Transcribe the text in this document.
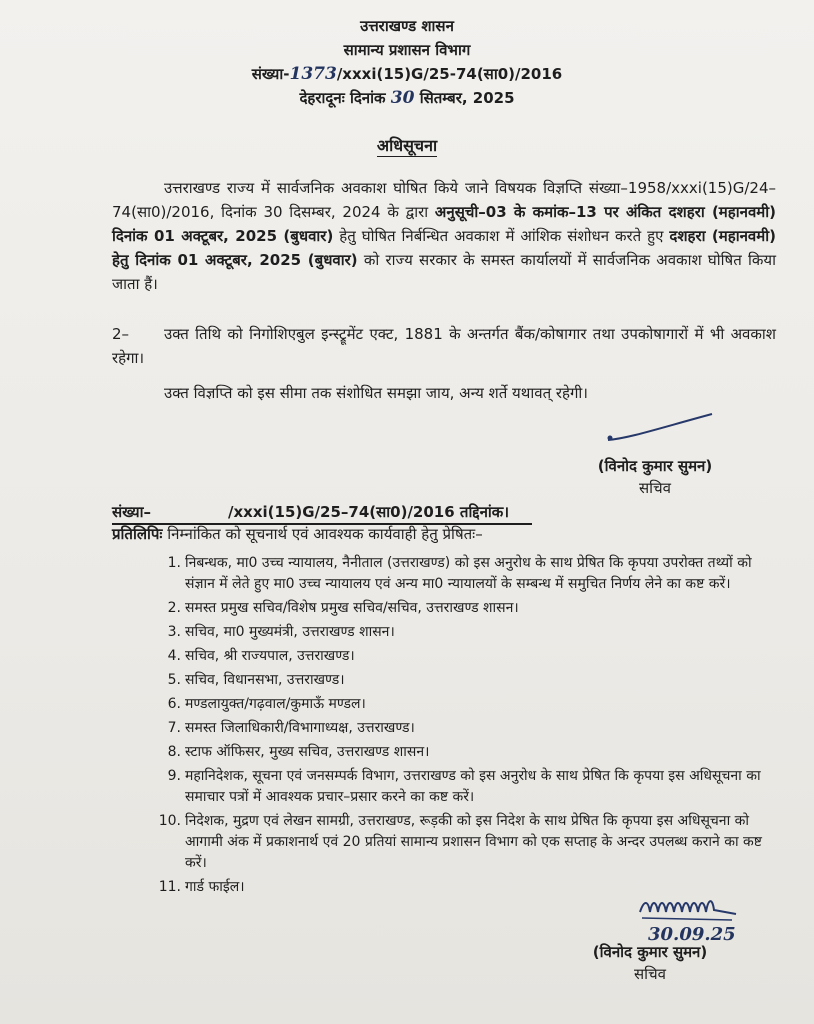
उत्तराखण्ड शासन
सामान्य प्रशासन विभाग
संख्या-1373/xxxi(15)G/25-74(सा0)/2016
देहरादूनः दिनांक 30 सितम्बर, 2025
अधिसूचना
उत्तराखण्ड राज्य में सार्वजनिक अवकाश घोषित किये जाने विषयक विज्ञप्ति संख्या–1958/xxxi(15)G/24–74(सा0)/2016, दिनांक 30 दिसम्बर, 2024 के द्वारा अनुसूची–03 के कमांक–13 पर अंकित दशहरा (महानवमी) दिनांक 01 अक्टूबर, 2025 (बुधवार) हेतु घोषित निर्बन्धित अवकाश में आंशिक संशोधन करते हुए दशहरा (महानवमी) हेतु दिनांक 01 अक्टूबर, 2025 (बुधवार) को राज्य सरकार के समस्त कार्यालयों में सार्वजनिक अवकाश घोषित किया जाता हैं।
2– उक्त तिथि को निगोशिएबुल इन्स्ट्रूमेंट एक्ट, 1881 के अन्तर्गत बैंक/कोषागार तथा उपकोषागारों में भी अवकाश रहेगा।
उक्त विज्ञप्ति को इस सीमा तक संशोधित समझा जाय, अन्य शर्ते यथावत् रहेगी।
(विनोद कुमार सुमन)
सचिव
संख्या–	/xxxi(15)G/25–74(सा0)/2016 तद्दिनांक।
प्रतिलिपिः निम्नांकित को सूचनार्थ एवं आवश्यक कार्यवाही हेतु प्रेषितः–
1. निबन्धक, मा0 उच्च न्यायालय, नैनीताल (उत्तराखण्ड) को इस अनुरोध के साथ प्रेषित कि कृपया उपरोक्त तथ्यों को संज्ञान में लेते हुए मा0 उच्च न्यायालय एवं अन्य मा0 न्यायालयों के सम्बन्ध में समुचित निर्णय लेने का कष्ट करें।
2. समस्त प्रमुख सचिव/विशेष प्रमुख सचिव/सचिव, उत्तराखण्ड शासन।
3. सचिव, मा0 मुख्यमंत्री, उत्तराखण्ड शासन।
4. सचिव, श्री राज्यपाल, उत्तराखण्ड।
5. सचिव, विधानसभा, उत्तराखण्ड।
6. मण्डलायुक्त/गढ़वाल/कुमाऊँ मण्डल।
7. समस्त जिलाधिकारी/विभागाध्यक्ष, उत्तराखण्ड।
8. स्टाफ ऑफिसर, मुख्य सचिव, उत्तराखण्ड शासन।
9. महानिदेशक, सूचना एवं जनसम्पर्क विभाग, उत्तराखण्ड को इस अनुरोध के साथ प्रेषित कि कृपया इस अधिसूचना का समाचार पत्रों में आवश्यक प्रचार–प्रसार करने का कष्ट करें।
10. निदेशक, मुद्रण एवं लेखन सामग्री, उत्तराखण्ड, रूड़की को इस निदेश के साथ प्रेषित कि कृपया इस अधिसूचना को आगामी अंक में प्रकाशनार्थ एवं 20 प्रतियां सामान्य प्रशासन विभाग को एक सप्ताह के अन्दर उपलब्ध कराने का कष्ट करें।
11. गार्ड फाईल।
30.09.25
(विनोद कुमार सुमन)
सचिव
